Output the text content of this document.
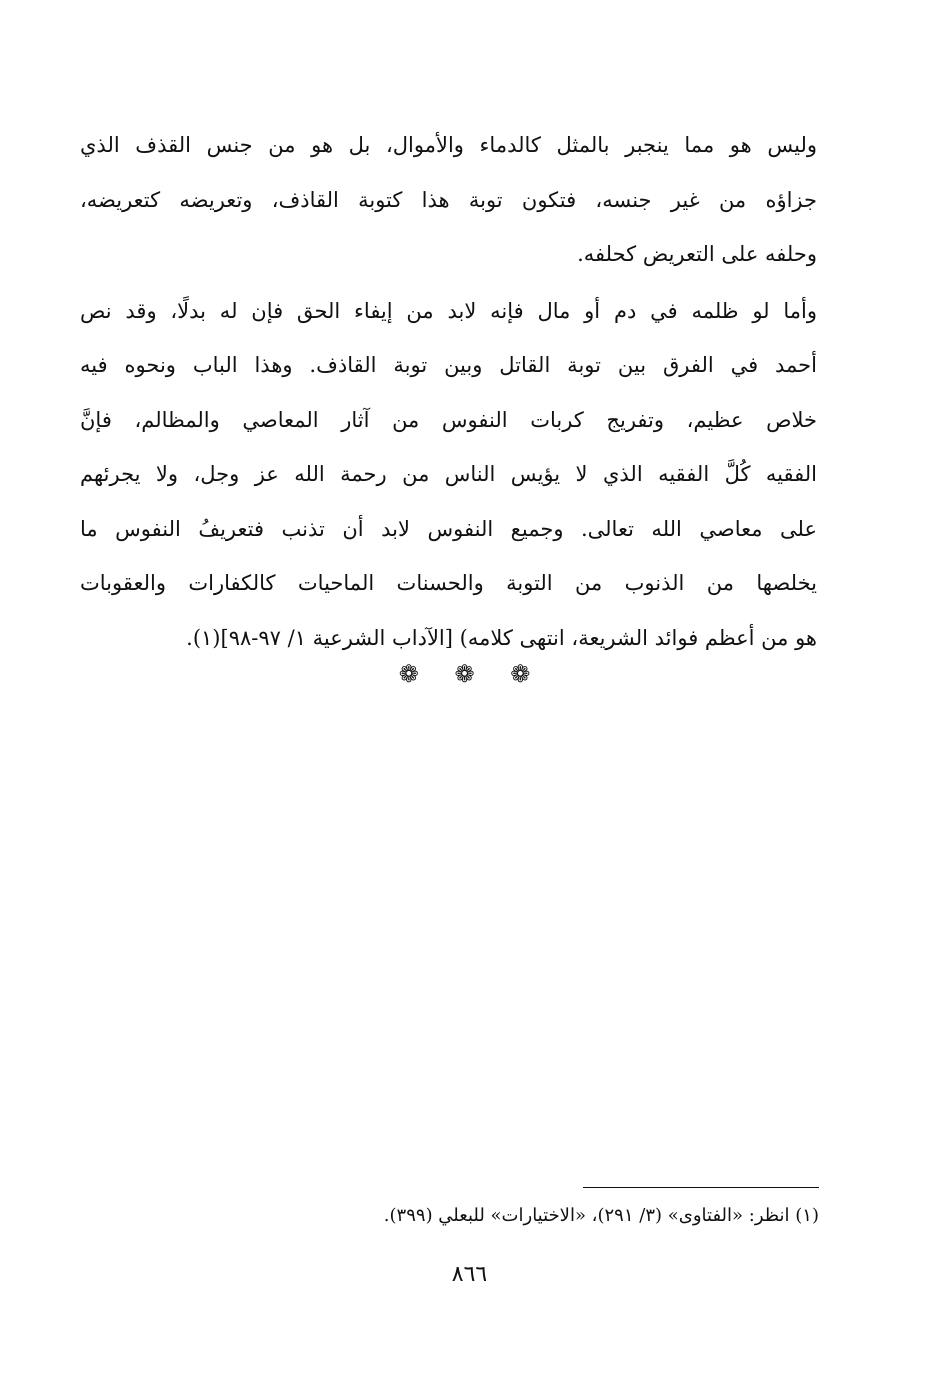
وليس هو مما ينجبر بالمثل كالدماء والأموال، بل هو من جنس القذف الذي
جزاؤه من غير جنسه، فتكون توبة هذا كتوبة القاذف، وتعريضه كتعريضه،
وحلفه على التعريض كحلفه.
وأما لو ظلمه في دم أو مال فإنه لابد من إيفاء الحق فإن له بدلًا، وقد نص
أحمد في الفرق بين توبة القاتل وبين توبة القاذف. وهذا الباب ونحوه فيه
خلاص عظيم، وتفريج كربات النفوس من آثار المعاصي والمظالم، فإنَّ
الفقيه كُلَّ الفقيه الذي لا يؤيس الناس من رحمة الله عز وجل، ولا يجرئهم
على معاصي الله تعالى. وجميع النفوس لابد أن تذنب فتعريفُ النفوس ما
يخلصها من الذنوب من التوبة والحسنات الماحيات كالكفارات والعقوبات
هو من أعظم فوائد الشريعة، انتهى كلامه) [الآداب الشرعية ١/ ٩٧-٩٨](١).
❁ ❁ ❁
(١) انظر: «الفتاوى» (٣/ ٢٩١)، «الاختيارات» للبعلي (٣٩٩).
٨٦٦
